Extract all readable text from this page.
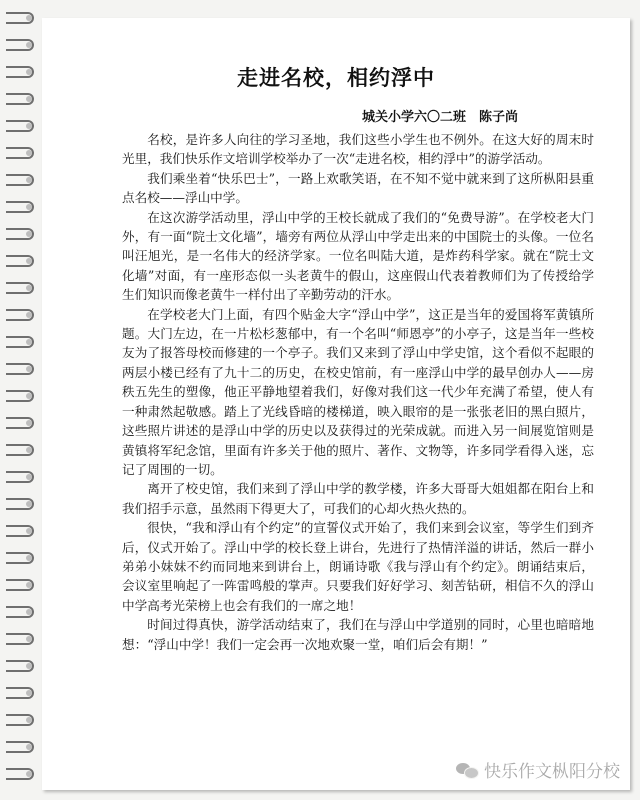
走进名校，相约浮中
城关小学六〇二班　陈子尚

名校，是许多人向往的学习圣地，我们这些小学生也不例外。在这大好的周末时光里，我们快乐作文培训学校举办了一次“走进名校，相约浮中”的游学活动。

我们乘坐着“快乐巴士”，一路上欢歌笑语，在不知不觉中就来到了这所枞阳县重点名校——浮山中学。

在这次游学活动里，浮山中学的王校长就成了我们的“免费导游”。在学校老大门外，有一面“院士文化墙”，墙旁有两位从浮山中学走出来的中国院士的头像。一位名叫汪旭光，是一名伟大的经济学家。一位名叫陆大道，是炸药科学家。就在“院士文化墙”对面，有一座形态似一头老黄牛的假山，这座假山代表着教师们为了传授给学生们知识而像老黄牛一样付出了辛勤劳动的汗水。

在学校老大门上面，有四个贴金大字“浮山中学”，这正是当年的爱国将军黄镇所题。大门左边，在一片松杉葱郁中，有一个名叫“师恩亭”的小亭子，这是当年一些校友为了报答母校而修建的一个亭子。我们又来到了浮山中学史馆，这个看似不起眼的两层小楼已经有了九十二的历史，在校史馆前，有一座浮山中学的最早创办人——房秩五先生的塑像，他正平静地望着我们，好像对我们这一代少年充满了希望，使人有一种肃然起敬感。踏上了光线昏暗的楼梯道，映入眼帘的是一张张老旧的黑白照片，这些照片讲述的是浮山中学的历史以及获得过的光荣成就。而进入另一间展览馆则是黄镇将军纪念馆，里面有许多关于他的照片、著作、文物等，许多同学看得入迷，忘记了周围的一切。

离开了校史馆，我们来到了浮山中学的教学楼，许多大哥哥大姐姐都在阳台上和我们招手示意，虽然雨下得更大了，可我们的心却火热火热的。

很快，“我和浮山有个约定”的宣誓仪式开始了，我们来到会议室，等学生们到齐后，仪式开始了。浮山中学的校长登上讲台，先进行了热情洋溢的讲话，然后一群小弟弟小妹妹不约而同地来到讲台上，朗诵诗歌《我与浮山有个约定》。朗诵结束后，会议室里响起了一阵雷鸣般的掌声。只要我们好好学习、刻苦钻研，相信不久的浮山中学高考光荣榜上也会有我们的一席之地！

时间过得真快，游学活动结束了，我们在与浮山中学道别的同时，心里也暗暗地想：“浮山中学！我们一定会再一次地欢聚一堂，咱们后会有期！”

快乐作文枞阳分校
